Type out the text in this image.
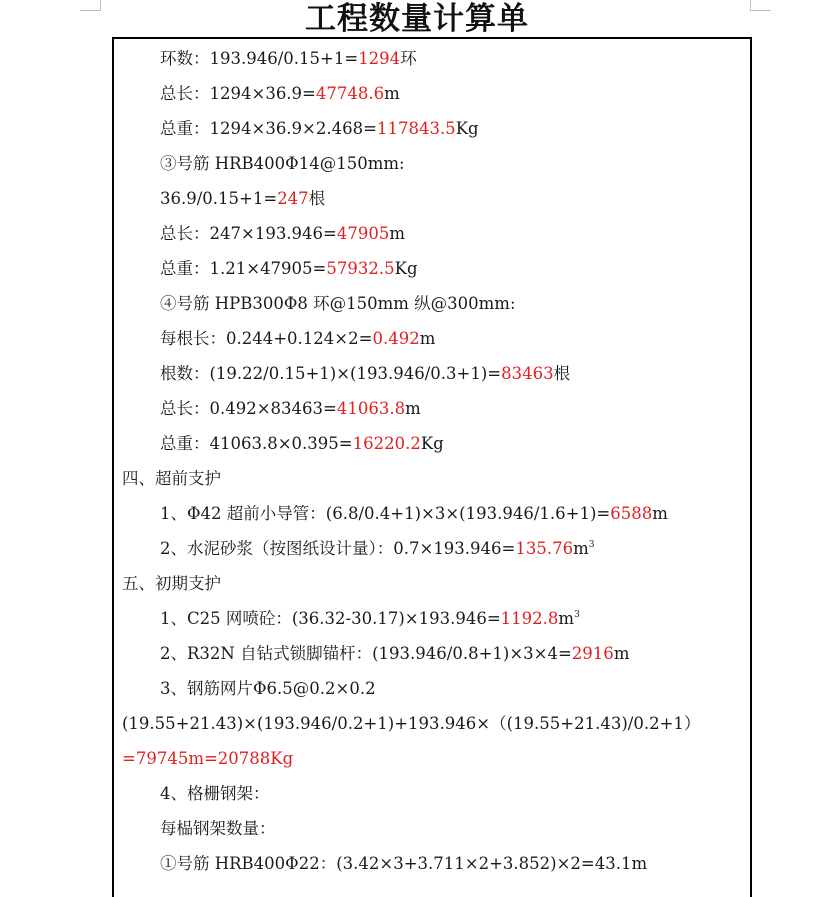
工程数量计算单
环数：193.946/0.15+1=1294环
总长：1294×36.9=47748.6m
总重：1294×36.9×2.468=117843.5Kg
③号筋 HRB400Φ14@150mm:
36.9/0.15+1=247根
总长：247×193.946=47905m
总重：1.21×47905=57932.5Kg
④号筋 HPB300Φ8 环@150mm 纵@300mm:
每根长：0.244+0.124×2=0.492m
根数：(19.22/0.15+1)×(193.946/0.3+1)=83463根
总长：0.492×83463=41063.8m
总重：41063.8×0.395=16220.2Kg
四、超前支护
1、Φ42 超前小导管：(6.8/0.4+1)×3×(193.946/1.6+1)=6588m
2、水泥砂浆（按图纸设计量）：$0.7\times 193.946=135.76m^3$
五、初期支护
1、C25 网喷砼：$(36.32-30.17)\times 193.946=1192.8m^3$
2、R32N 自钻式锁脚锚杆：(193.946/0.8+1)×3×4=2916m
3、钢筋网片Φ6.5@0.2×0.2
(19.55+21.43)×(193.946/0.2+1)+193.946×（(19.55+21.43)/0.2+1）
=79745m=20788Kg
4、格栅钢架：
每榀钢架数量：
①号筋 HRB400Φ22：(3.42×3+3.711×2+3.852)×2=43.1m
